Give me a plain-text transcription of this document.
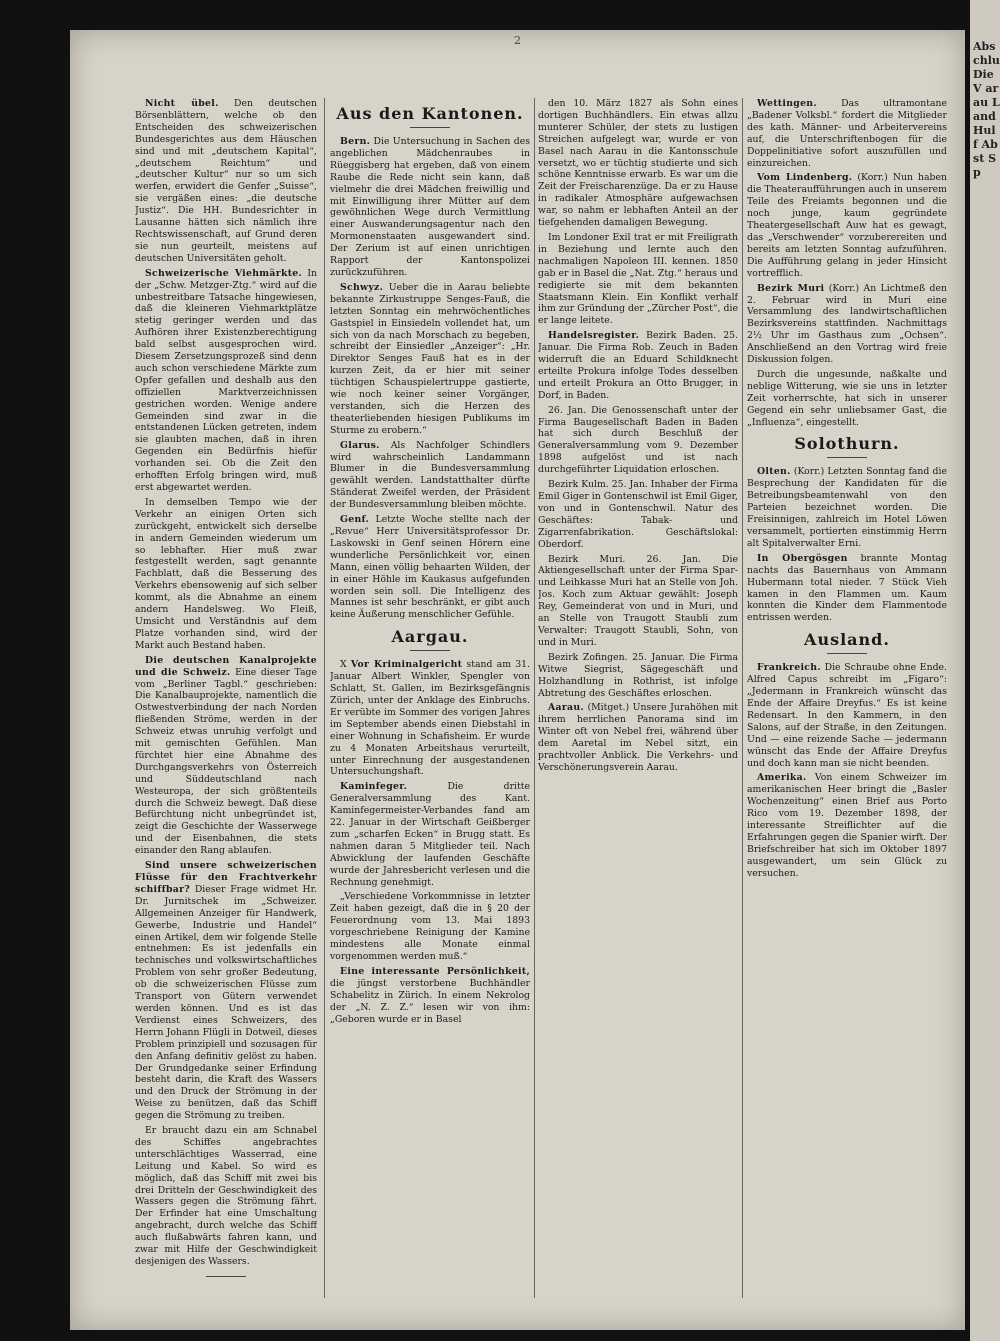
2	Abschlu Die V ar au Land Hulf Abst Sp

Nicht übel. Den deutschen Börsenblättern, welche ob den Entscheiden des schweizerischen Bundesgerichtes aus dem Häuschen sind und mit „deutschem Kapital“, „deutschem Reichtum“ und „deutscher Kultur“ nur so um sich werfen, erwidert die Genfer „Suisse“, sie vergäßen eines: „die deutsche Justiz“. Die HH. Bundesrichter in Lausanne hätten sich nämlich ihre Rechtswissenschaft, auf Grund deren sie nun geurteilt, meistens auf deutschen Universitäten geholt.

Schweizerische Viehmärkte. In der „Schw. Metzger-Ztg.“ wird auf die unbestreitbare Tatsache hingewiesen, daß die kleineren Viehmarktplätze stetig geringer werden und das Aufhören ihrer Existenzberechtigung bald selbst ausgesprochen wird. Diesem Zersetzungsprozeß sind denn auch schon verschiedene Märkte zum Opfer gefallen und deshalb aus den offiziellen Marktverzeichnissen gestrichen worden. Wenige andere Gemeinden sind zwar in die entstandenen Lücken getreten, indem sie glaubten machen, daß in ihren Gegenden ein Bedürfnis hiefür vorhanden sei. Ob die Zeit den erhofften Erfolg bringen wird, muß erst abgewartet werden.

In demselben Tempo wie der Verkehr an einigen Orten sich zurückgeht, entwickelt sich derselbe in andern Gemeinden wiederum um so lebhafter. Hier muß zwar festgestellt werden, sagt genannte Fachblatt, daß die Besserung des Verkehrs ebensowenig auf sich selber kommt, als die Abnahme an einem andern Handelsweg. Wo Fleiß, Umsicht und Verständnis auf dem Platze vorhanden sind, wird der Markt auch Bestand haben.

Die deutschen Kanalprojekte und die Schweiz. Eine dieser Tage vom „Berliner Tagbl.“ geschrieben: Die Kanalbauprojekte, namentlich die Ostwestverbindung der nach Norden fließenden Ströme, werden in der Schweiz etwas unruhig verfolgt und mit gemischten Gefühlen. Man fürchtet hier eine Abnahme des Durchgangsverkehrs von Österreich und Süddeutschland nach Westeuropa, der sich größtenteils durch die Schweiz bewegt. Daß diese Befürchtung nicht unbegründet ist, zeigt die Geschichte der Wasserwege und der Eisenbahnen, die stets einander den Rang ablaufen.

Sind unsere schweizerischen Flüsse für den Frachtverkehr schiffbar? Dieser Frage widmet Hr. Dr. Jurnitschek im „Schweizer. Allgemeinen Anzeiger für Handwerk, Gewerbe, Industrie und Handel“ einen Artikel, dem wir folgende Stelle entnehmen: Es ist jedenfalls ein technisches und volkswirtschaftliches Problem von sehr großer Bedeutung, ob die schweizerischen Flüsse zum Transport von Gütern verwendet werden können. Und es ist das Verdienst eines Schweizers, des Herrn Johann Flügli in Dotweil, dieses Problem prinzipiell und sozusagen für den Anfang definitiv gelöst zu haben. Der Grundgedanke seiner Erfindung besteht darin, die Kraft des Wassers und den Druck der Strömung in der Weise zu benützen, daß das Schiff gegen die Strömung zu treiben.

Er braucht dazu ein am Schnabel des Schiffes angebrachtes unterschlächtiges Wasserrad, eine Leitung und Kabel. So wird es möglich, daß das Schiff mit zwei bis drei Dritteln der Geschwindigkeit des Wassers gegen die Strömung fährt. Der Erfinder hat eine Umschaltung angebracht, durch welche das Schiff auch flußabwärts fahren kann, und zwar mit Hilfe der Geschwindigkeit desjenigen des Wassers.

Aus den Kantonen.

Bern. Die Untersuchung in Sachen des angeblichen Mädchenraubes in Rüeggisberg hat ergeben, daß von einem Raube die Rede nicht sein kann, daß vielmehr die drei Mädchen freiwillig und mit Einwilligung ihrer Mütter auf dem gewöhnlichen Wege durch Vermittlung einer Auswanderungsagentur nach den Mormonenstaaten ausgewandert sind. Der Zerium ist auf einen unrichtigen Rapport der Kantonspolizei zurückzuführen.

Schwyz. Ueber die in Aarau beliebte bekannte Zirkustruppe Senges-Fauß, die letzten Sonntag ein mehrwöchentliches Gastspiel in Einsiedeln vollendet hat, um sich von da nach Morschach zu begeben, schreibt der Einsiedler „Anzeiger“: „Hr. Direktor Senges Fauß hat es in der kurzen Zeit, da er hier mit seiner tüchtigen Schauspielertruppe gastierte, wie noch keiner seiner Vorgänger, verstanden, sich die Herzen des theaterliebenden hiesigen Publikums im Sturme zu erobern.“

Glarus. Als Nachfolger Schindlers wird wahrscheinlich Landammann Blumer in die Bundesversammlung gewählt werden. Landstatthalter dürfte Ständerat Zweifel werden, der Präsident der Bundesversammlung bleiben möchte.

Genf. Letzte Woche stellte nach der „Revue“ Herr Universitätsprofessor Dr. Laskowski in Genf seinen Hörern eine wunderliche Persönlichkeit vor, einen Mann, einen völlig behaarten Wilden, der in einer Höhle im Kaukasus aufgefunden worden sein soll. Die Intelligenz des Mannes ist sehr beschränkt, er gibt auch keine Äußerung menschlicher Gefühle.

Aargau.

X Vor Kriminalgericht stand am 31. Januar Albert Winkler, Spengler von Schlatt, St. Gallen, im Bezirksgefängnis Zürich, unter der Anklage des Einbruchs. Er verübte im Sommer des vorigen Jahres im September abends einen Diebstahl in einer Wohnung in Schafisheim. Er wurde zu 4 Monaten Arbeitshaus verurteilt, unter Einrechnung der ausgestandenen Untersuchungshaft.

Kaminfeger.	Die dritte Generalversammlung des Kant. Kaminfegermeister-Verbandes fand am 22. Januar in der Wirtschaft Geißberger zum „scharfen Ecken“ in Brugg statt. Es nahmen daran 5 Mitglieder teil. Nach Abwicklung der laufenden Geschäfte wurde der Jahresbericht verlesen und die Rechnung genehmigt.

„Verschiedene Vorkommnisse in letzter Zeit haben gezeigt, daß die in § 20 der Feuerordnung vom 13. Mai 1893 vorgeschriebene Reinigung der Kamine mindestens alle Monate einmal vorgenommen werden muß.“

Eine interessante Persönlichkeit, die jüngst verstorbene Buchhändler Schabelitz in Zürich. In einem Nekrolog der „N. Z. Z.“ lesen wir von ihm: „Geboren wurde er in Basel

den 10. März 1827 als Sohn eines dortigen Buchhändlers. Ein etwas allzu munterer Schüler, der stets zu lustigen Streichen aufgelegt war, wurde er von Basel nach Aarau in die Kantonsschule versetzt, wo er tüchtig studierte und sich schöne Kenntnisse erwarb. Es war um die Zeit der Freischarenzüge. Da er zu Hause in radikaler Atmosphäre aufgewachsen war, so nahm er lebhaften Anteil an der tiefgehenden damaligen Bewegung.

Im Londoner Exil trat er mit Freiligrath in Beziehung und lernte auch den nachmaligen Napoleon III. kennen. 1850 gab er in Basel die „Nat. Ztg.“ heraus und redigierte sie mit dem bekannten Staatsmann Klein. Ein Konflikt verhalf ihm zur Gründung der „Zürcher Post“, die er lange leitete.

Handelsregister. Bezirk Baden. 25. Januar. Die Firma Rob. Zeuch in Baden widerruft die an Eduard Schildknecht erteilte Prokura infolge Todes desselben und erteilt Prokura an Otto Brugger, in Dorf, in Baden.

26. Jan. Die Genossenschaft unter der Firma Baugesellschaft Baden in Baden hat sich durch Beschluß der Generalversammlung vom 9. Dezember 1898 aufgelöst und ist nach durchgeführter Liquidation erloschen.

Bezirk Kulm. 25. Jan. Inhaber der Firma Emil Giger in Gontenschwil ist Emil Giger, von und in Gontenschwil. Natur des Geschäftes: Tabak- und Zigarrenfabrikation. Geschäftslokal: Oberdorf.

Bezirk Muri. 26. Jan. Die Aktiengesellschaft unter der Firma Spar- und Leihkasse Muri hat an Stelle von Joh. Jos. Koch zum Aktuar gewählt: Joseph Rey, Gemeinderat von und in Muri, und an Stelle von Traugott Staubli zum Verwalter: Traugott Staubli, Sohn, von und in Muri.

Bezirk Zofingen. 25. Januar. Die Firma Witwe Siegrist, Sägegeschäft und Holzhandlung in Rothrist, ist infolge Abtretung des Geschäftes erloschen.

Aarau. (Mitget.) Unsere Jurahöhen mit ihrem herrlichen Panorama sind im Winter oft von Nebel frei, während über dem Aaretal im Nebel sitzt, ein prachtvoller Anblick. Die Verkehrs- und Verschönerungsverein Aarau.

Wettingen.	Das ultramontane „Badener Volksbl.“ fordert die Mitglieder des kath. Männer- und Arbeitervereins auf, die Unterschriftenbogen für die Doppelinitiative sofort auszufüllen und einzureichen.

Vom Lindenberg. (Korr.) Nun haben die Theateraufführungen auch in unserem Teile des Freiamts begonnen und die noch junge, kaum gegründete Theatergesellschaft Auw hat es gewagt, das „Verschwender“ vorzuberereiten und bereits am letzten Sonntag aufzuführen. Die Aufführung gelang in jeder Hinsicht vortrefflich.

Bezirk Muri (Korr.) An Lichtmeß den 2. Februar wird in Muri eine Versammlung des landwirtschaftlichen Bezirksvereins stattfinden. Nachmittags 2½ Uhr im Gasthaus zum „Ochsen“. Anschließend an den Vortrag wird freie Diskussion folgen.

Durch die ungesunde, naßkalte und neblige Witterung, wie sie uns in letzter Zeit vorherrschte, hat sich in unserer Gegend ein sehr unliebsamer Gast, die „Influenza“, eingestellt.

Solothurn.

Olten. (Korr.) Letzten Sonntag fand die Besprechung der Kandidaten für die Betreibungsbeamtenwahl von den Parteien bezeichnet worden. Die Freisinnigen, zahlreich im Hotel Löwen versammelt, portierten einstimmig Herrn alt Spitalverwalter Erni.

In Obergösgen brannte Montag nachts das Bauernhaus von Ammann Hubermann total nieder. 7 Stück Vieh kamen in den Flammen um. Kaum konnten die Kinder dem Flammentode entrissen werden.

Ausland.

Frankreich. Die Schraube ohne Ende. Alfred Capus schreibt im „Figaro“: „Jedermann in Frankreich wünscht das Ende der Affaire Dreyfus.“ Es ist keine Redensart. In den Kammern, in den Salons, auf der Straße, in den Zeitungen. Und — eine reizende Sache — jedermann wünscht das Ende der Affaire Dreyfus und doch kann man sie nicht beenden.

Amerika. Von einem Schweizer im amerikanischen Heer bringt die „Basler Wochenzeitung“ einen Brief aus Porto Rico vom 19. Dezember 1898, der interessante Streiflichter auf die Erfahrungen gegen die Spanier wirft. Der Briefschreiber hat sich im Oktober 1897 ausgewandert, um sein Glück zu versuchen.
